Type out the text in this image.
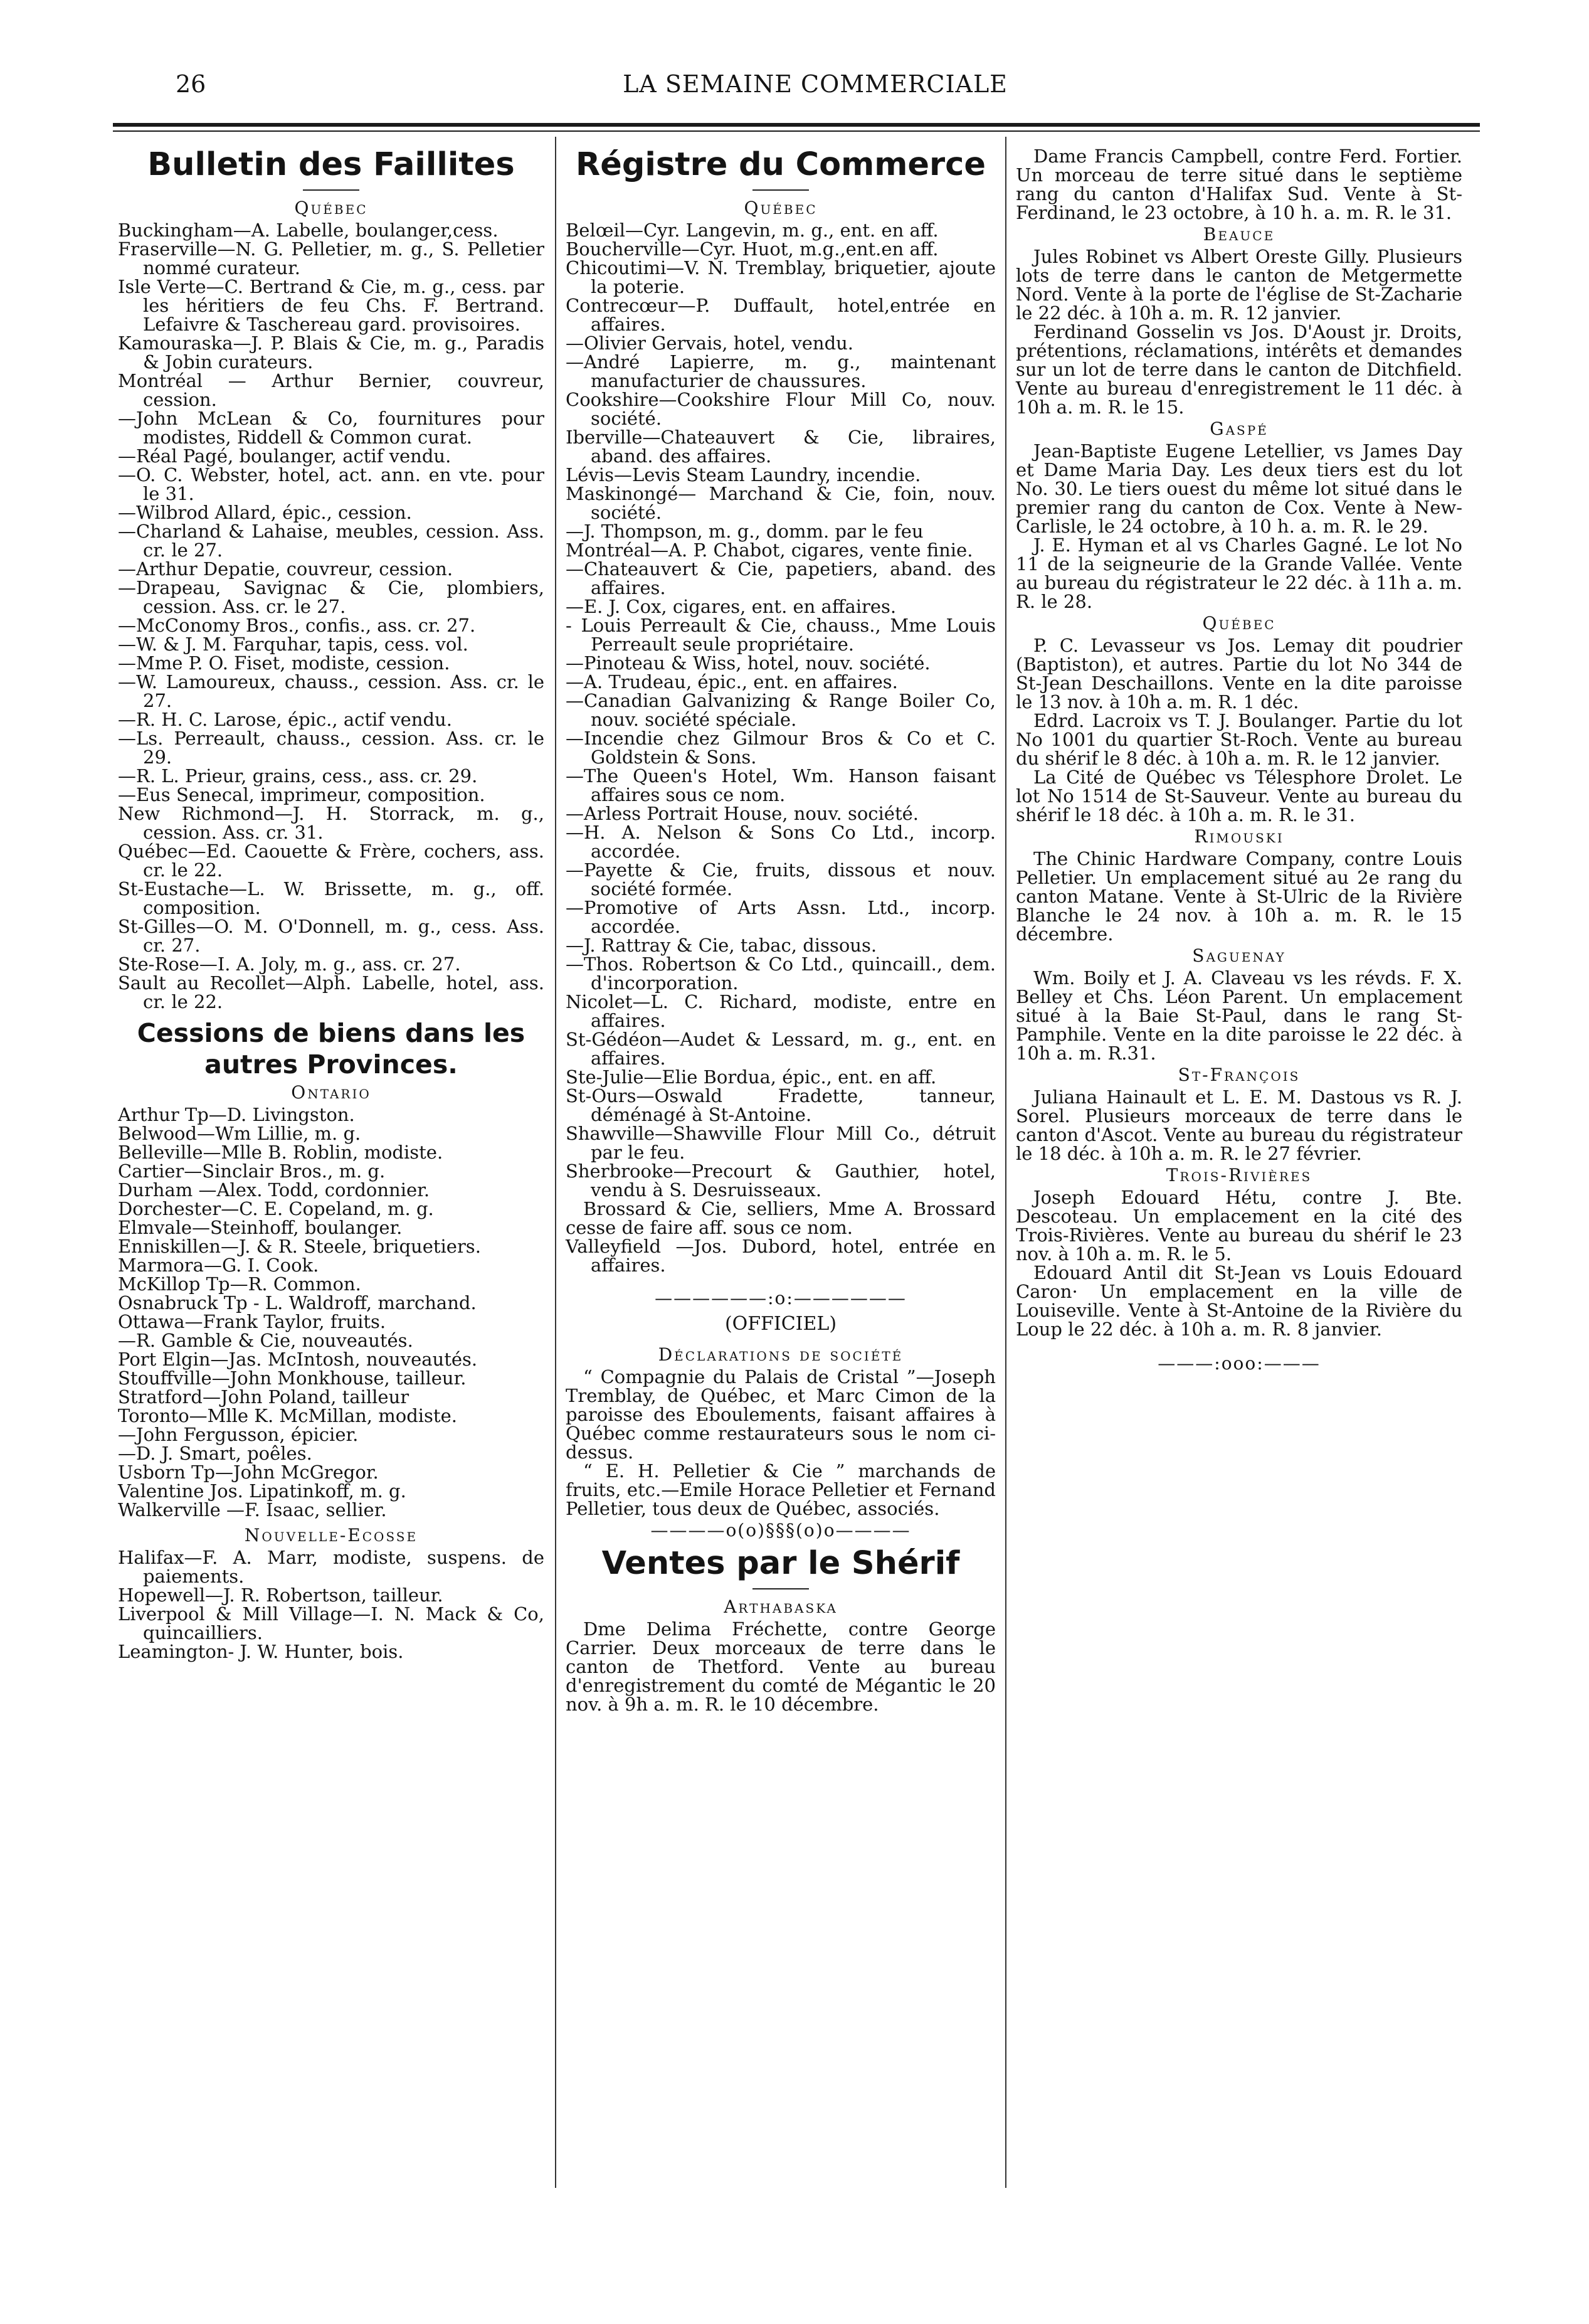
26	LA SEMAINE COMMERCIALE
Bulletin des Faillites
Québec
Buckingham—A. Labelle, boulanger,cess.
Fraserville—N. G. Pelletier, m. g., S. Pelletier nommé curateur.
Isle Verte—C. Bertrand & Cie, m. g., cess. par les héritiers de feu Chs. F. Bertrand. Lefaivre & Taschereau gard. provisoires.
Kamouraska—J. P. Blais & Cie, m. g., Paradis & Jobin curateurs.
Montréal — Arthur Bernier, couvreur, cession.
—John McLean & Co, fournitures pour modistes, Riddell & Common curat.
—Réal Pagé, boulanger, actif vendu.
—O. C. Webster, hotel, act. ann. en vte. pour le 31.
—Wilbrod Allard, épic., cession.
—Charland & Lahaise, meubles, cession. Ass. cr. le 27.
—Arthur Depatie, couvreur, cession.
—Drapeau, Savignac & Cie, plombiers, cession. Ass. cr. le 27.
—McConomy Bros., confis., ass. cr. 27.
—W. & J. M. Farquhar, tapis, cess. vol.
—Mme P. O. Fiset, modiste, cession.
—W. Lamoureux, chauss., cession. Ass. cr. le 27.
—R. H. C. Larose, épic., actif vendu.
—Ls. Perreault, chauss., cession. Ass. cr. le 29.
—R. L. Prieur, grains, cess., ass. cr. 29.
—Eus Senecal, imprimeur, composition.
New Richmond—J. H. Storrack, m. g., cession. Ass. cr. 31.
Québec—Ed. Caouette & Frère, cochers, ass. cr. le 22.
St-Eustache—L. W. Brissette, m. g., off. composition.
St-Gilles—O. M. O'Donnell, m. g., cess. Ass. cr. 27.
Ste-Rose—I. A. Joly, m. g., ass. cr. 27.
Sault au Recollet—Alph. Labelle, hotel, ass. cr. le 22.
Cessions de biens dans les autres Provinces.
Ontario
Arthur Tp—D. Livingston.
Belwood—Wm Lillie, m. g.
Belleville—Mlle B. Roblin, modiste.
Cartier—Sinclair Bros., m. g.
Durham —Alex. Todd, cordonnier.
Dorchester—C. E. Copeland, m. g.
Elmvale—Steinhoff, boulanger.
Enniskillen—J. & R. Steele, briquetiers.
Marmora—G. I. Cook.
McKillop Tp—R. Common.
Osnabruck Tp - L. Waldroff, marchand.
Ottawa—Frank Taylor, fruits.
—R. Gamble & Cie, nouveautés.
Port Elgin—Jas. McIntosh, nouveautés.
Stouffville—John Monkhouse, tailleur.
Stratford—John Poland, tailleur
Toronto—Mlle K. McMillan, modiste.
—John Fergusson, épicier.
—D. J. Smart, poêles.
Usborn Tp—John McGregor.
Valentine Jos. Lipatinkoff, m. g.
Walkerville —F. Isaac, sellier.
Nouvelle-Ecosse
Halifax—F. A. Marr, modiste, suspens. de paiements.
Hopewell—J. R. Robertson, tailleur.
Liverpool & Mill Village—I. N. Mack & Co, quincailliers.
Leamington- J. W. Hunter, bois.
Régistre du Commerce
Québec
Belœil—Cyr. Langevin, m. g., ent. en aff.
Boucherville—Cyr. Huot, m.g.,ent.en aff.
Chicoutimi—V. N. Tremblay, briquetier, ajoute la poterie.
Contrecœur—P. Duffault, hotel,entrée en affaires.
—Olivier Gervais, hotel, vendu.
—André Lapierre, m. g., maintenant manufacturier de chaussures.
Cookshire—Cookshire Flour Mill Co, nouv. société.
Iberville—Chateauvert & Cie, libraires, aband. des affaires.
Lévis—Levis Steam Laundry, incendie.
Maskinongé— Marchand & Cie, foin, nouv. société.
—J. Thompson, m. g., domm. par le feu
Montréal—A. P. Chabot, cigares, vente finie.
—Chateauvert & Cie, papetiers, aband. des affaires.
—E. J. Cox, cigares, ent. en affaires.
- Louis Perreault & Cie, chauss., Mme Louis Perreault seule propriétaire.
—Pinoteau & Wiss, hotel, nouv. société.
—A. Trudeau, épic., ent. en affaires.
—Canadian Galvanizing & Range Boiler Co, nouv. société spéciale.
—Incendie chez Gilmour Bros & Co et C. Goldstein & Sons.
—The Queen's Hotel, Wm. Hanson faisant affaires sous ce nom.
—Arless Portrait House, nouv. société.
—H. A. Nelson & Sons Co Ltd., incorp. accordée.
—Payette & Cie, fruits, dissous et nouv. société formée.
—Promotive of Arts Assn. Ltd., incorp. accordée.
—J. Rattray & Cie, tabac, dissous.
—Thos. Robertson & Co Ltd., quincaill., dem. d'incorporation.
Nicolet—L. C. Richard, modiste, entre en affaires.
St-Gédéon—Audet & Lessard, m. g., ent. en affaires.
Ste-Julie—Elie Bordua, épic., ent. en aff.
St-Ours—Oswald Fradette, tanneur, déménagé à St-Antoine.
Shawville—Shawville Flour Mill Co., détruit par le feu.
Sherbrooke—Precourt & Gauthier, hotel, vendu à S. Desruisseaux.
Brossard & Cie, selliers, Mme A. Brossard cesse de faire aff. sous ce nom.
Valleyfield —Jos. Dubord, hotel, entrée en affaires.
——————:o:——————
(OFFICIEL)
Déclarations de société
“ Compagnie du Palais de Cristal ”—Joseph Tremblay, de Québec, et Marc Cimon de la paroisse des Eboulements, faisant affaires à Québec comme restaurateurs sous le nom ci-dessus.
“ E. H. Pelletier & Cie ” marchands de fruits, etc.—Emile Horace Pelletier et Fernand Pelletier, tous deux de Québec, associés.
————o(o)§§§(o)o————
Ventes par le Shérif
Arthabaska
Dme Delima Fréchette, contre George Carrier. Deux morceaux de terre dans le canton de Thetford. Vente au bureau d'enregistrement du comté de Mégantic le 20 nov. à 9h a. m. R. le 10 décembre.
Dame Francis Campbell, contre Ferd. Fortier. Un morceau de terre situé dans le septième rang du canton d'Halifax Sud. Vente à St-Ferdinand, le 23 octobre, à 10 h. a. m. R. le 31.
Beauce
Jules Robinet vs Albert Oreste Gilly. Plusieurs lots de terre dans le canton de Metgermette Nord. Vente à la porte de l'église de St-Zacharie le 22 déc. à 10h a. m. R. 12 janvier.
Ferdinand Gosselin vs Jos. D'Aoust jr. Droits, prétentions, réclamations, intérêts et demandes sur un lot de terre dans le canton de Ditchfield. Vente au bureau d'enregistrement le 11 déc. à 10h a. m. R. le 15.
Gaspé
Jean-Baptiste Eugene Letellier, vs James Day et Dame Maria Day. Les deux tiers est du lot No. 30. Le tiers ouest du même lot situé dans le premier rang du canton de Cox. Vente à New-Carlisle, le 24 octobre, à 10 h. a. m. R. le 29.
J. E. Hyman et al vs Charles Gagné. Le lot No 11 de la seigneurie de la Grande Vallée. Vente au bureau du régistrateur le 22 déc. à 11h a. m. R. le 28.
Québec
P. C. Levasseur vs Jos. Lemay dit poudrier (Baptiston), et autres. Partie du lot No 344 de St-Jean Deschaillons. Vente en la dite paroisse le 13 nov. à 10h a. m. R. 1 déc.
Edrd. Lacroix vs T. J. Boulanger. Partie du lot No 1001 du quartier St-Roch. Vente au bureau du shérif le 8 déc. à 10h a. m. R. le 12 janvier.
La Cité de Québec vs Télesphore Drolet. Le lot No 1514 de St-Sauveur. Vente au bureau du shérif le 18 déc. à 10h a. m. R. le 31.
Rimouski
The Chinic Hardware Company, contre Louis Pelletier. Un emplacement situé au 2e rang du canton Matane. Vente à St-Ulric de la Rivière Blanche le 24 nov. à 10h a. m. R. le 15 décembre.
Saguenay
Wm. Boily et J. A. Claveau vs les révds. F. X. Belley et Chs. Léon Parent. Un emplacement situé à la Baie St-Paul, dans le rang St-Pamphile. Vente en la dite paroisse le 22 déc. à 10h a. m. R.31.
St-François
Juliana Hainault et L. E. M. Dastous vs R. J. Sorel. Plusieurs morceaux de terre dans le canton d'Ascot. Vente au bureau du régistrateur le 18 déc. à 10h a. m. R. le 27 février.
Trois-Rivières
Joseph Edouard Hétu, contre J. Bte. Descoteau. Un emplacement en la cité des Trois-Rivières. Vente au bureau du shérif le 23 nov. à 10h a. m. R. le 5.
Edouard Antil dit St-Jean vs Louis Edouard Caron· Un emplacement en la ville de Louiseville. Vente à St-Antoine de la Rivière du Loup le 22 déc. à 10h a. m. R. 8 janvier.
———:ooo:———
